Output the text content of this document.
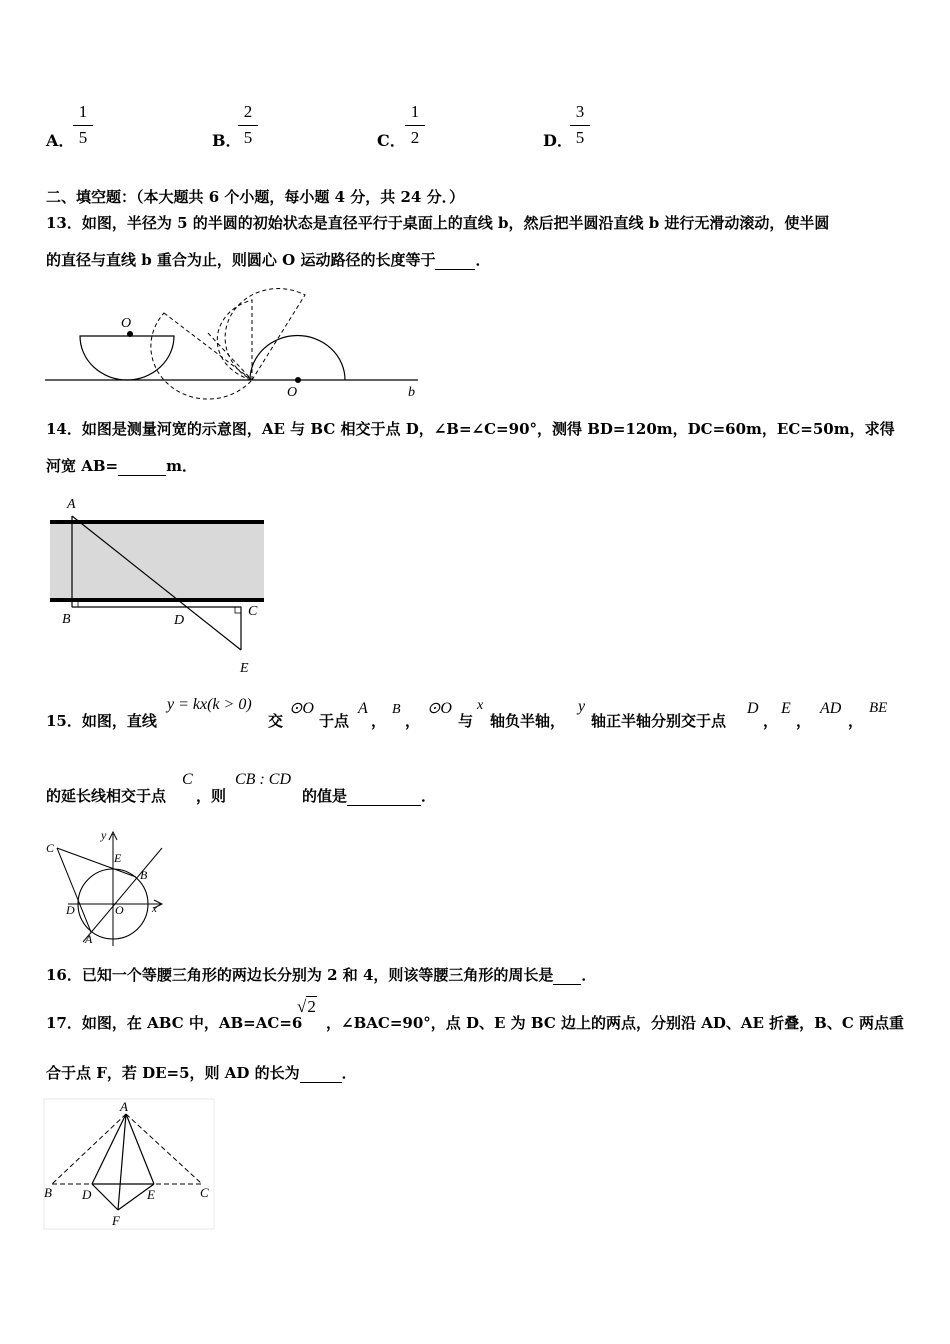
A．
1
5	B．
2
5	C．
1
2	D．
3
5
二、填空题：（本大题共 6 个小题，每小题 4 分，共 24 分．）
13．如图，半径为 5 的半圆的初始状态是直径平行于桌面上的直线 b，然后把半圆沿直线 b 进行无滑动滚动，使半圆
的直径与直线 b 重合为止，则圆心 O 运动路径的长度等于	．
O
O	b
14．如图是测量河宽的示意图，AE 与 BC 相交于点 D，∠B=∠C=90°，测得 BD=120m，DC=60m，EC=50m，求得
河宽 AB=	m．
A
B	D
C
E
15．如图，直线
y = kx(k > 0)
交
⊙O
于点
A
，
B
，
⊙O
与
x
轴负半轴，
y
轴正半轴分别交于点
D
，
E
，
AD
，
BE
的延长线相交于点
C
，则
CB : CD
的值是	．
C
y
E
B
D	O	x
A
16．已知一个等腰三角形的两边长分别为 2 和 4，则该等腰三角形的周长是 ．
17．如图，在 ABC 中，AB=AC=6
√2
，∠BAC=90°，点 D、E 为 BC 边上的两点，分别沿 AD、AE 折叠，B、C 两点重
合于点 F，若 DE=5，则 AD 的长为	．
A
B D	E	C
F
